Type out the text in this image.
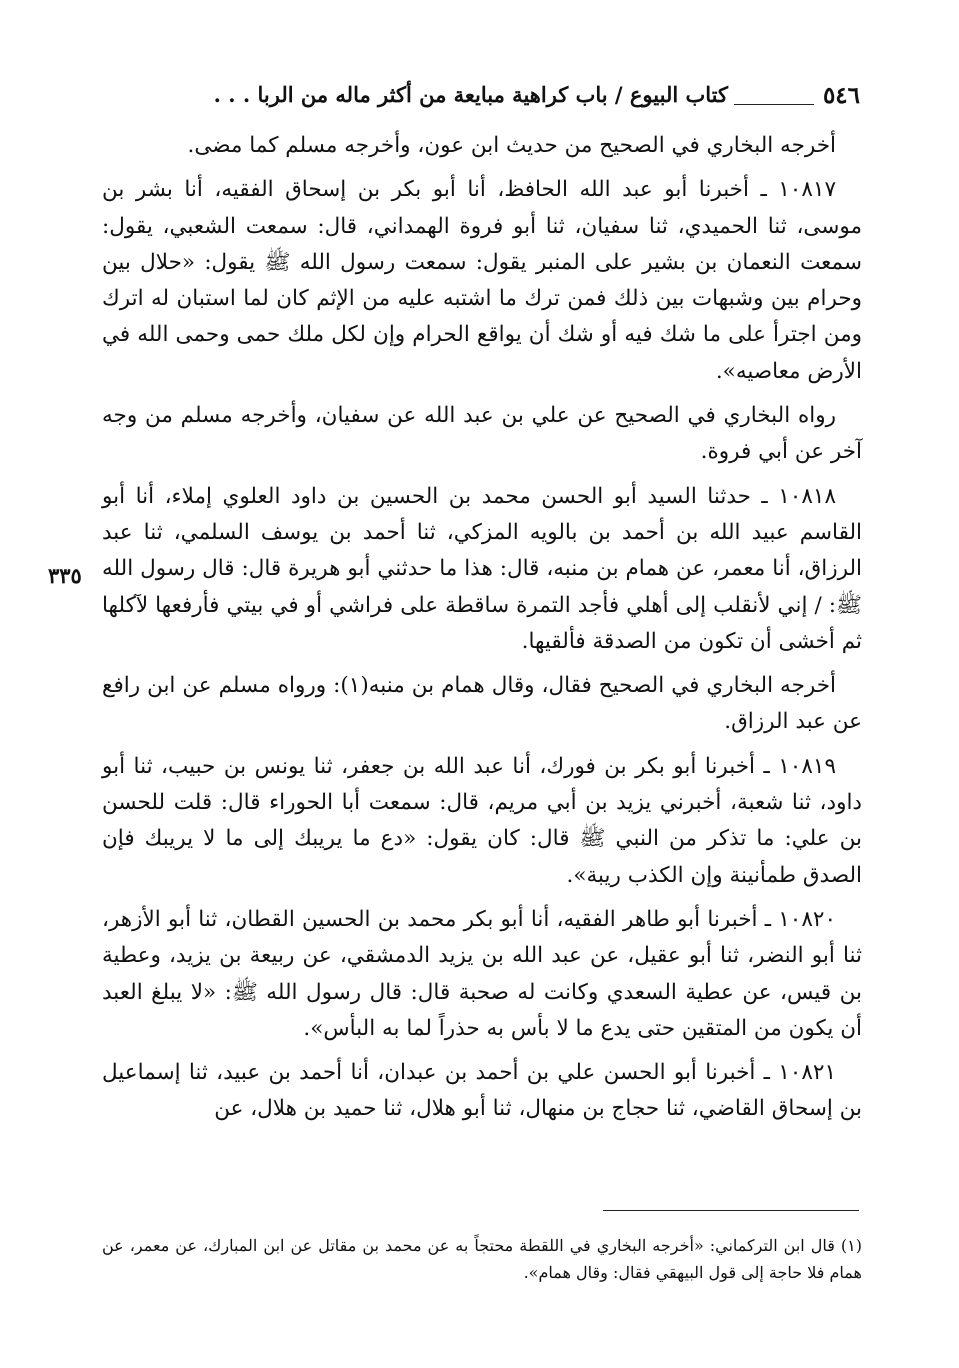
٥٤٦
كتاب البيوع / باب كراهية مبايعة من أكثر ماله من الربا . . .
٣٣٥

أخرجه البخاري في الصحيح من حديث ابن عون، وأخرجه مسلم كما مضى.

١٠٨١٧ ـ أخبرنا أبو عبد الله الحافظ، أنا أبو بكر بن إسحاق الفقيه، أنا بشر بن موسى، ثنا الحميدي، ثنا سفيان، ثنا أبو فروة الهمداني، قال: سمعت الشعبي، يقول: سمعت النعمان بن بشير على المنبر يقول: سمعت رسول الله ﷺ يقول: «حلال بين وحرام بين وشبهات بين ذلك فمن ترك ما اشتبه عليه من الإثم كان لما استبان له اترك ومن اجترأ على ما شك فيه أو شك أن يواقع الحرام وإن لكل ملك حمى وحمى الله في الأرض معاصيه».

رواه البخاري في الصحيح عن علي بن عبد الله عن سفيان، وأخرجه مسلم من وجه آخر عن أبي فروة.

١٠٨١٨ ـ حدثنا السيد أبو الحسن محمد بن الحسين بن داود العلوي إملاء، أنا أبو القاسم عبيد الله بن أحمد بن بالويه المزكي، ثنا أحمد بن يوسف السلمي، ثنا عبد الرزاق، أنا معمر، عن همام بن منبه، قال: هذا ما حدثني أبو هريرة قال: قال رسول الله ﷺ: / إني لأنقلب إلى أهلي فأجد التمرة ساقطة على فراشي أو في بيتي فأرفعها لآكلها ثم أخشى أن تكون من الصدقة فألقيها.

أخرجه البخاري في الصحيح فقال، وقال همام بن منبه(١): ورواه مسلم عن ابن رافع عن عبد الرزاق.

١٠٨١٩ ـ أخبرنا أبو بكر بن فورك، أنا عبد الله بن جعفر، ثنا يونس بن حبيب، ثنا أبو داود، ثنا شعبة، أخبرني يزيد بن أبي مريم، قال: سمعت أبا الحوراء قال: قلت للحسن بن علي: ما تذكر من النبي ﷺ قال: كان يقول: «دع ما يريبك إلى ما لا يريبك فإن الصدق طمأنينة وإن الكذب ريبة».

١٠٨٢٠ ـ أخبرنا أبو طاهر الفقيه، أنا أبو بكر محمد بن الحسين القطان، ثنا أبو الأزهر، ثنا أبو النضر، ثنا أبو عقيل، عن عبد الله بن يزيد الدمشقي، عن ربيعة بن يزيد، وعطية بن قيس، عن عطية السعدي وكانت له صحبة قال: قال رسول الله ﷺ: «لا يبلغ العبد أن يكون من المتقين حتى يدع ما لا بأس به حذراً لما به البأس».

١٠٨٢١ ـ أخبرنا أبو الحسن علي بن أحمد بن عبدان، أنا أحمد بن عبيد، ثنا إسماعيل بن إسحاق القاضي، ثنا حجاج بن منهال، ثنا أبو هلال، ثنا حميد بن هلال، عن

(١) قال ابن التركماني: «أخرجه البخاري في اللقطة محتجاً به عن محمد بن مقاتل عن ابن المبارك، عن معمر، عن همام فلا حاجة إلى قول البيهقي فقال: وقال همام».
